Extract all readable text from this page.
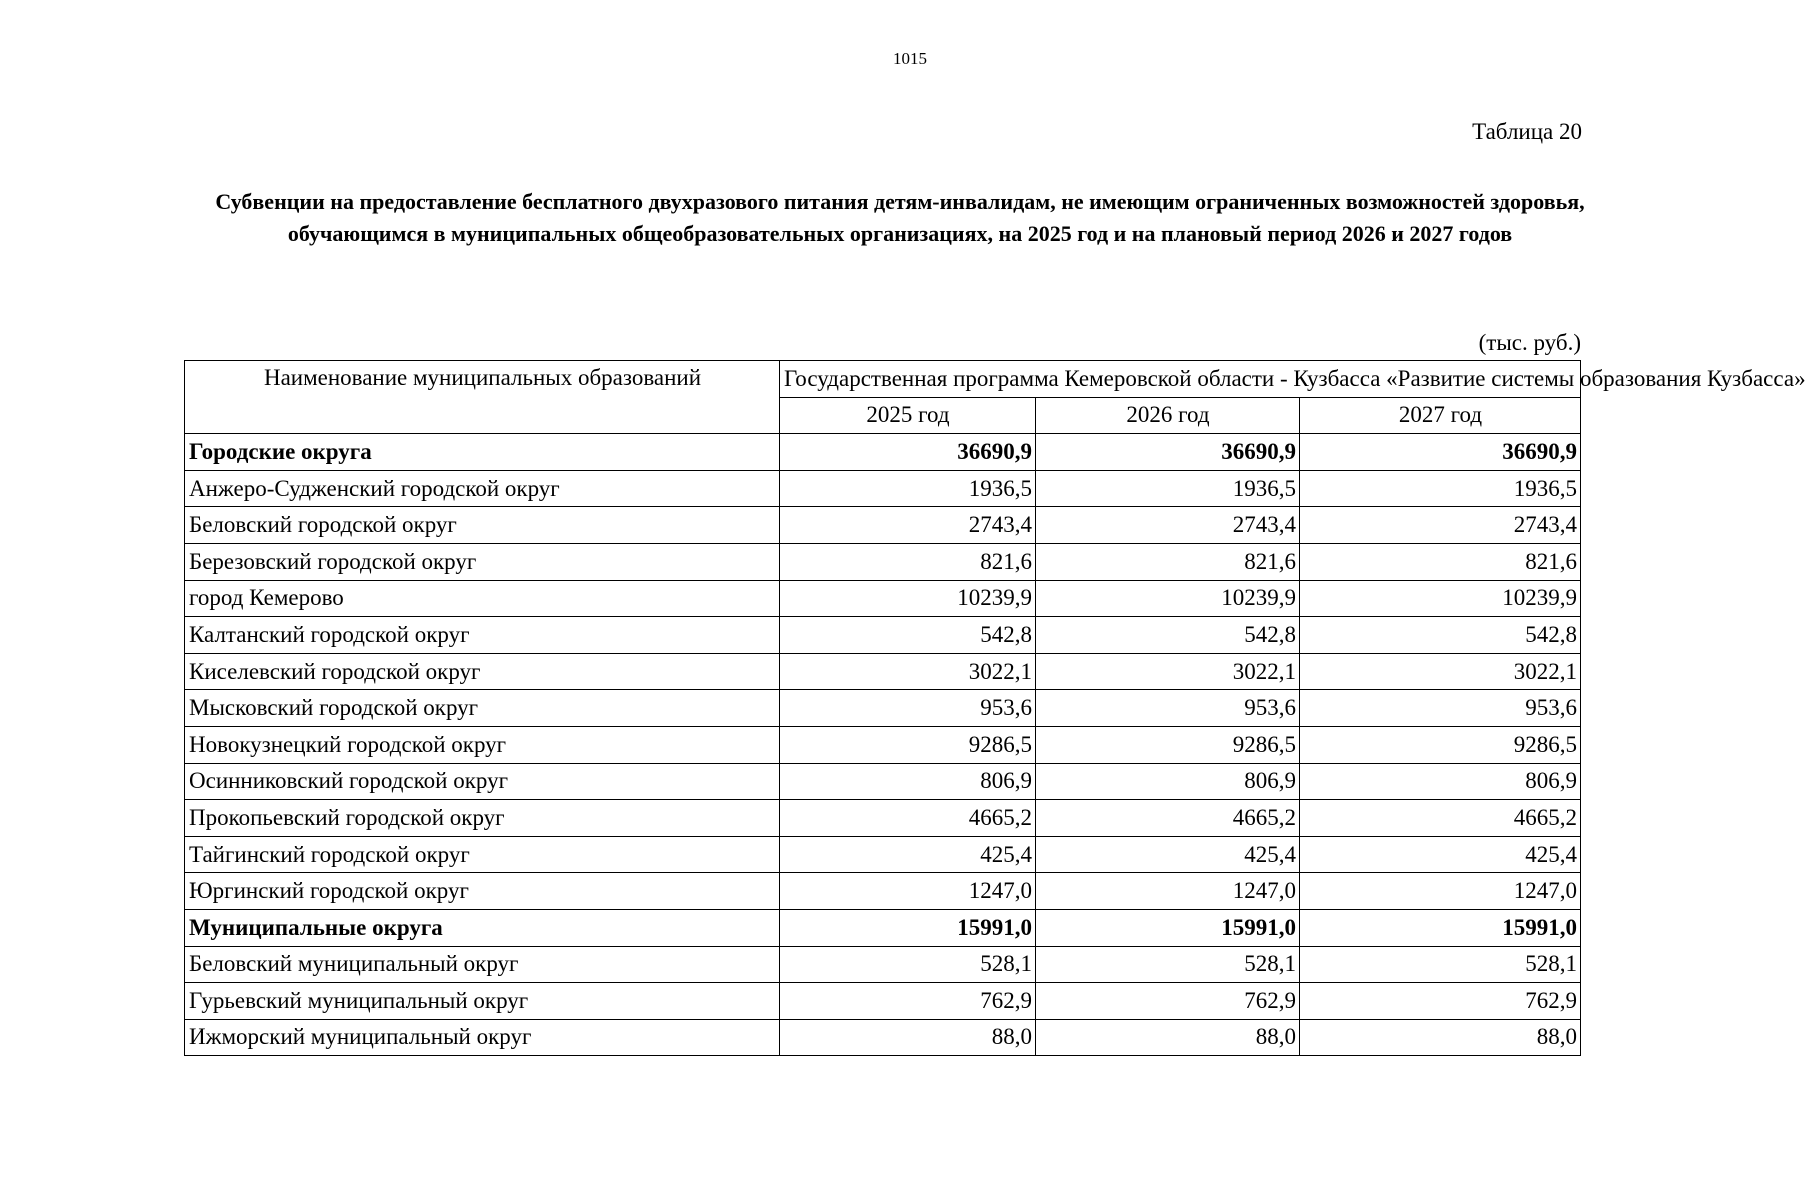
1015
Таблица 20
Субвенции на предоставление бесплатного двухразового питания детям-инвалидам, не имеющим ограниченных возможностей здоровья, обучающимся в муниципальных общеобразовательных организациях, на 2025 год и на плановый период 2026 и 2027 годов
(тыс. руб.)
Наименование муниципальных образований	Государственная программа Кемеровской области - Кузбасса «Развитие системы образования Кузбасса»		
	2025 год	2026 год	2027 год
Городские округа	36690,9	36690,9	36690,9
Анжеро-Судженский городской округ	1936,5	1936,5	1936,5
Беловский городской округ	2743,4	2743,4	2743,4
Березовский городской округ	821,6	821,6	821,6
город Кемерово	10239,9	10239,9	10239,9
Калтанский городской округ	542,8	542,8	542,8
Киселевский городской округ	3022,1	3022,1	3022,1
Мысковский городской округ	953,6	953,6	953,6
Новокузнецкий городской округ	9286,5	9286,5	9286,5
Осинниковский городской округ	806,9	806,9	806,9
Прокопьевский городской округ	4665,2	4665,2	4665,2
Тайгинский городской округ	425,4	425,4	425,4
Юргинский городской округ	1247,0	1247,0	1247,0
Муниципальные округа	15991,0	15991,0	15991,0
Беловский муниципальный округ	528,1	528,1	528,1
Гурьевский муниципальный округ	762,9	762,9	762,9
Ижморский муниципальный округ	88,0	88,0	88,0
